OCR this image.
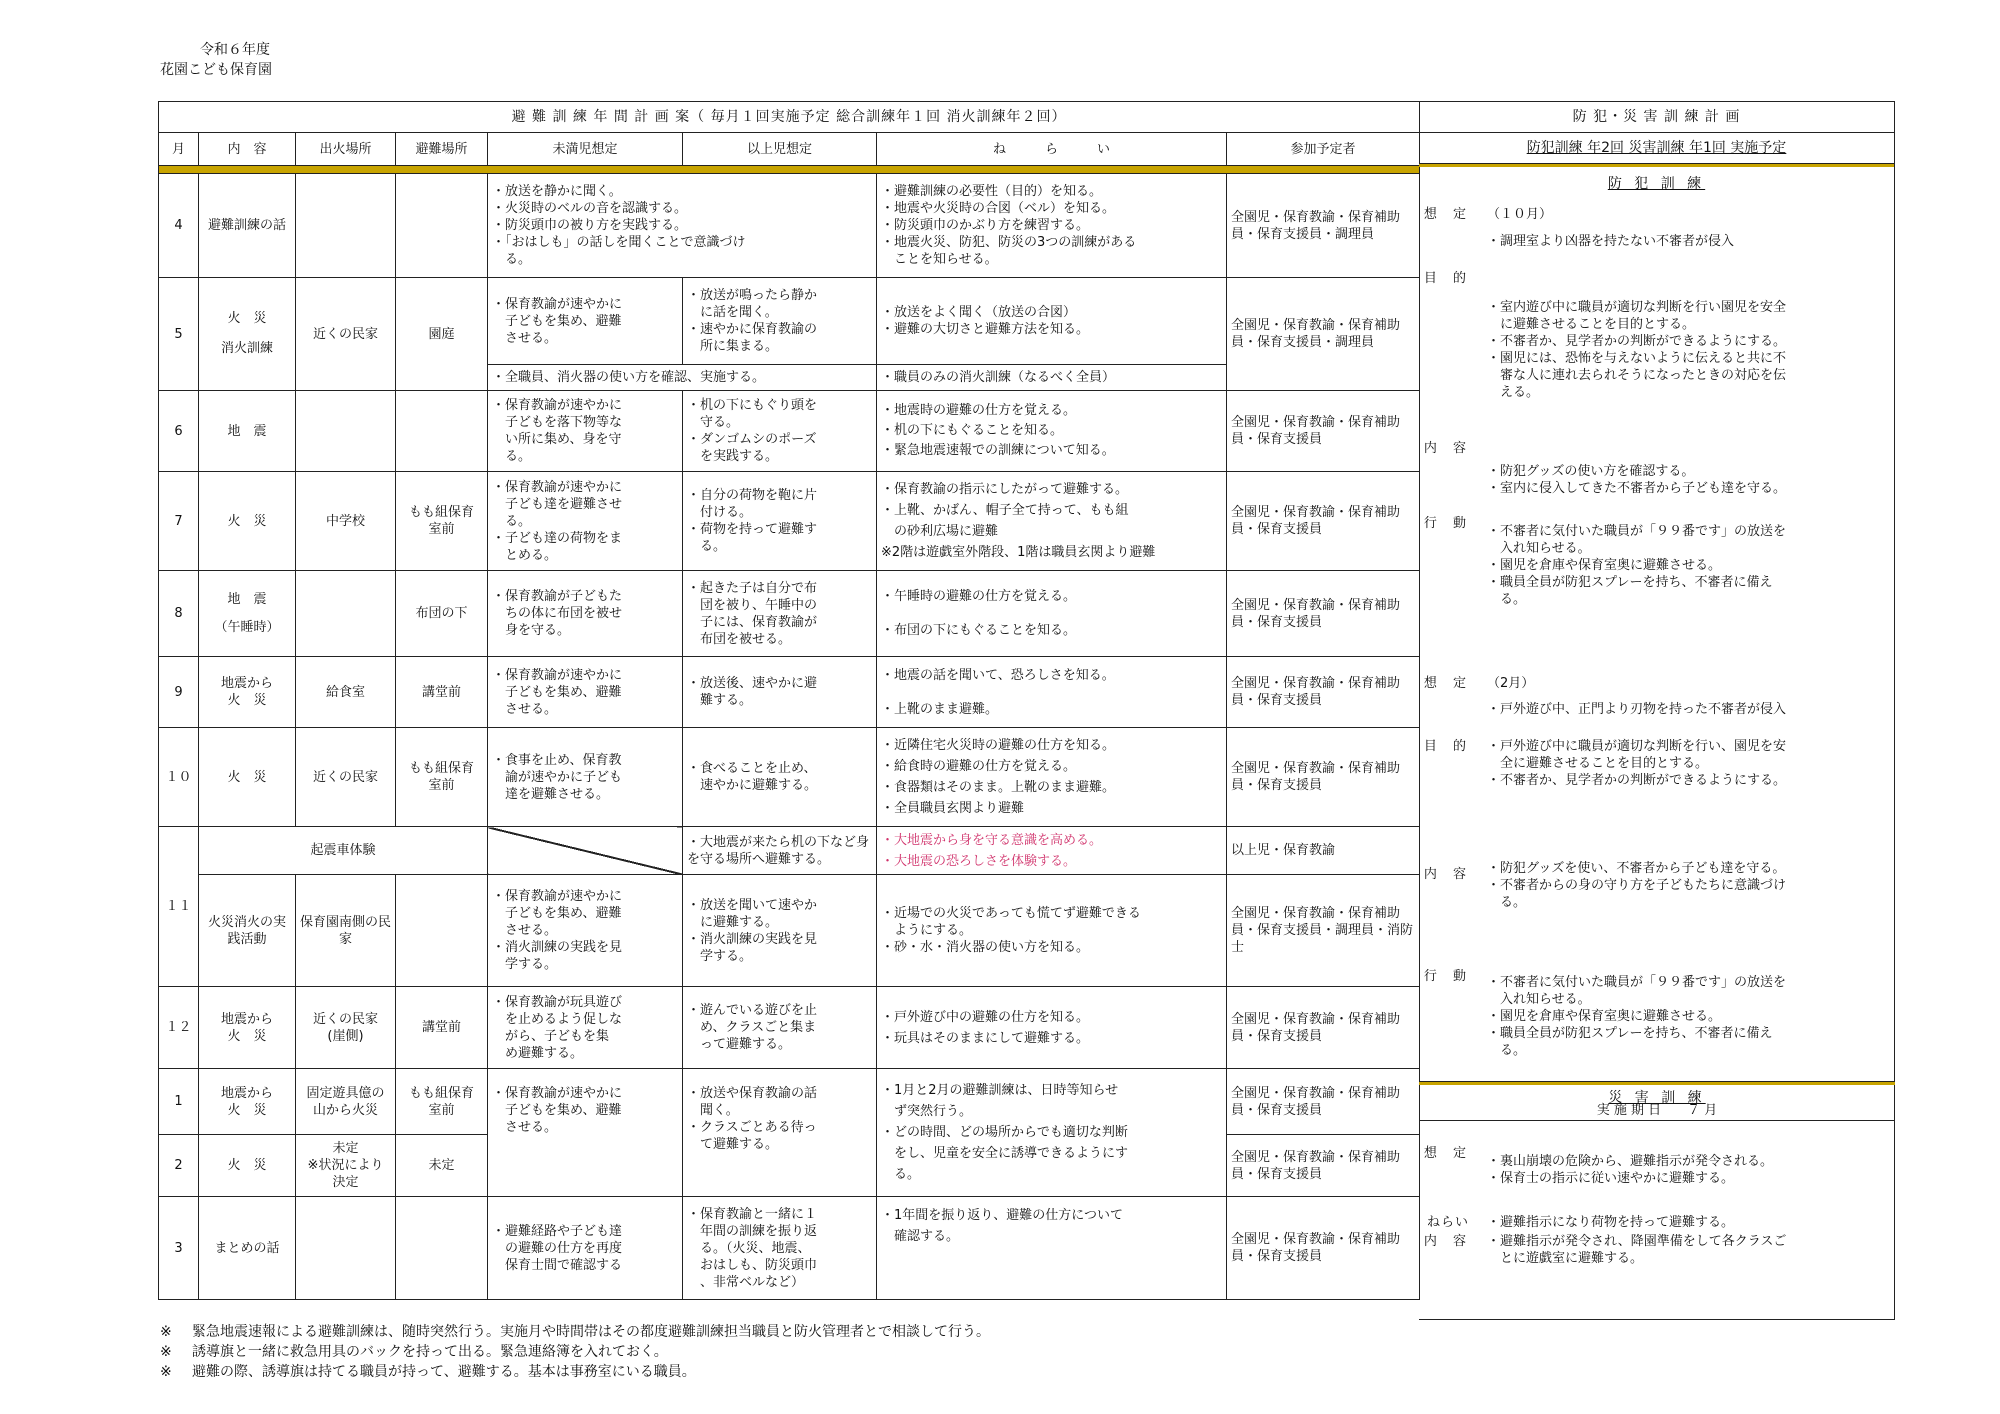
令和６年度
花園こども保育園
避 難 訓 練 年 間 計 画 案（ 毎月１回実施予定 総合訓練年１回 消火訓練年２回）							
月	内　容	出火場所	避難場所	未満児想定	以上児想定	ね　　　ら　　　い	参加予定者

4	避難訓練の話			・放送を静かに聞く。
・火災時のベルの音を認識する。
・防災頭巾の被り方を実践する。
・「おはしも」の話しを聞くことで意識づけ
　る。		・避難訓練の必要性（目的）を知る。
・地震や火災時の合図（ベル）を知る。
・防災頭巾のかぶり方を練習する。
・地震火災、防犯、防災の3つの訓練がある
　ことを知らせる。	全園児・保育教諭・保育補助員・保育支援員・調理員
5	火　災
消火訓練	近くの民家	園庭	・保育教諭が速やかに
　子どもを集め、避難
　させる。	・放送が鳴ったら静か
　に話を聞く。
・速やかに保育教諭の
　所に集まる。	・放送をよく聞く（放送の合図）
・避難の大切さと避難方法を知る。	全園児・保育教諭・保育補助員・保育支援員・調理員
				・全職員、消火器の使い方を確認、実施する。		・職員のみの消火訓練（なるべく全員）	
6	地　震			・保育教諭が速やかに
　子どもを落下物等な
　い所に集め、身を守
　る。	・机の下にもぐり頭を
　守る。
・ダンゴムシのポーズ
　を実践する。	・地震時の避難の仕方を覚える。
・机の下にもぐることを知る。
・緊急地震速報での訓練について知る。	全園児・保育教諭・保育補助員・保育支援員
7	火　災	中学校	もも組保育
室前	・保育教諭が速やかに
　子ども達を避難させ
　る。
・子ども達の荷物をま
　とめる。	・自分の荷物を鞄に片
　付ける。
・荷物を持って避難す
　る。	・保育教諭の指示にしたがって避難する。
・上靴、かばん、帽子全て持って、もも組
　の砂利広場に避難
※2階は遊戯室外階段、1階は職員玄関より避難	全園児・保育教諭・保育補助員・保育支援員
8	地　震
（午睡時）		布団の下	・保育教諭が子どもた
　ちの体に布団を被せ
　身を守る。	・起きた子は自分で布
　団を被り、午睡中の
　子には、保育教諭が
　布団を被せる。	・午睡時の避難の仕方を覚える。

・布団の下にもぐることを知る。	全園児・保育教諭・保育補助員・保育支援員
9	地震から
火　災	給食室	講堂前	・保育教諭が速やかに
　子どもを集め、避難
　させる。	・放送後、速やかに避
　難する。	・地震の話を聞いて、恐ろしさを知る。

・上靴のまま避難。	全園児・保育教諭・保育補助員・保育支援員
１０	火　災	近くの民家	もも組保育
室前	・食事を止め、保育教
　諭が速やかに子ども
　達を避難させる。	・食べることを止め、
　速やかに避難する。	・近隣住宅火災時の避難の仕方を知る。
・給食時の避難の仕方を覚える。
・食器類はそのまま。上靴のまま避難。
・全員職員玄関より避難	全園児・保育教諭・保育補助員・保育支援員
１１	起震車体験				・大地震が来たら机の下など身を守る場所へ避難する。	・大地震から身を守る意識を高める。
・大地震の恐ろしさを体験する。	以上児・保育教諭
	火災消火の実践活動	保育園南側の民家		・保育教諭が速やかに
　子どもを集め、避難
　させる。
・消火訓練の実践を見
　学する。	・放送を聞いて速やか
　に避難する。
・消火訓練の実践を見
　学する。	・近場での火災であっても慌てず避難できる
　ようにする。
・砂・水・消火器の使い方を知る。	全園児・保育教諭・保育補助員・保育支援員・調理員・消防士
１２	地震から
火　災	近くの民家
(崖側)	講堂前	・保育教諭が玩具遊び
　を止めるよう促しな
　がら、子どもを集
　め避難する。	・遊んでいる遊びを止
　め、クラスごと集ま
　って避難する。	・戸外遊び中の避難の仕方を知る。
・玩具はそのままにして避難する。	全園児・保育教諭・保育補助員・保育支援員
1	地震から
火　災	固定遊具億の
山から火災	もも組保育
室前	・保育教諭が速やかに
　子どもを集め、避難
　させる。	・放送や保育教諭の話
　聞く。
・クラスごとある待っ
　て避難する。	・1月と2月の避難訓練は、日時等知らせ
　ず突然行う。
・どの時間、どの場所からでも適切な判断
　をし、児童を安全に誘導できるようにす
　る。	全園児・保育教諭・保育補助員・保育支援員
2	火　災	未定
※状況により
決定	未定				全園児・保育教諭・保育補助員・保育支援員
3	まとめの話			・避難経路や子ども達
　の避難の仕方を再度
　保育士間で確認する	・保育教諭と一緒に１
　年間の訓練を振り返
　る。（火災、地震、
　おはしも、防災頭巾
　、非常ベルなど）	・1年間を振り返り、避難の仕方について
　確認する。	全園児・保育教諭・保育補助員・保育支援員
防 犯・災 害 訓 練 計 画
防犯訓練 年2回 災害訓練 年1回 実施予定
防 犯 訓 練
想 定	（１０月）
・調理室より凶器を持たない不審者が侵入
目 的
・室内遊び中に職員が適切な判断を行い園児を安全
　に避難させることを目的とする。
・不審者か、見学者かの判断ができるようにする。
・園児には、恐怖を与えないように伝えると共に不
　審な人に連れ去られそうになったときの対応を伝
　える。
内 容
・防犯グッズの使い方を確認する。
・室内に侵入してきた不審者から子ども達を守る。
行 動
・不審者に気付いた職員が「９９番です」の放送を
　入れ知らせる。
・園児を倉庫や保育室奥に避難させる。
・職員全員が防犯スプレーを持ち、不審者に備え
　る。
想 定	（2月）
・戸外遊び中、正門より刃物を持った不審者が侵入
目 的	・戸外遊び中に職員が適切な判断を行い、園児を安
　全に避難させることを目的とする。
・不審者か、見学者かの判断ができるようにする。
内 容	・防犯グッズを使い、不審者から子ども達を守る。
・不審者からの身の守り方を子どもたちに意識づけ
　る。
行 動	・不審者に気付いた職員が「９９番です」の放送を
　入れ知らせる。
・園児を倉庫や保育室奥に避難させる。
・職員全員が防犯スプレーを持ち、不審者に備え
　る。
災 害 訓 練
実 施 期 日　　７ 月
想 定
・裏山崩壊の危険から、避難指示が発令される。
・保育士の指示に従い速やかに避難する。
ねらい	・避難指示になり荷物を持って避難する。
内 容	・避難指示が発令され、降園準備をして各クラスご
　とに遊戯室に避難する。
※	緊急地震速報による避難訓練は、随時突然行う。実施月や時間帯はその都度避難訓練担当職員と防火管理者とで相談して行う。
※	誘導旗と一緒に救急用具のバックを持って出る。緊急連絡簿を入れておく。
※	避難の際、誘導旗は持てる職員が持って、避難する。基本は事務室にいる職員。
